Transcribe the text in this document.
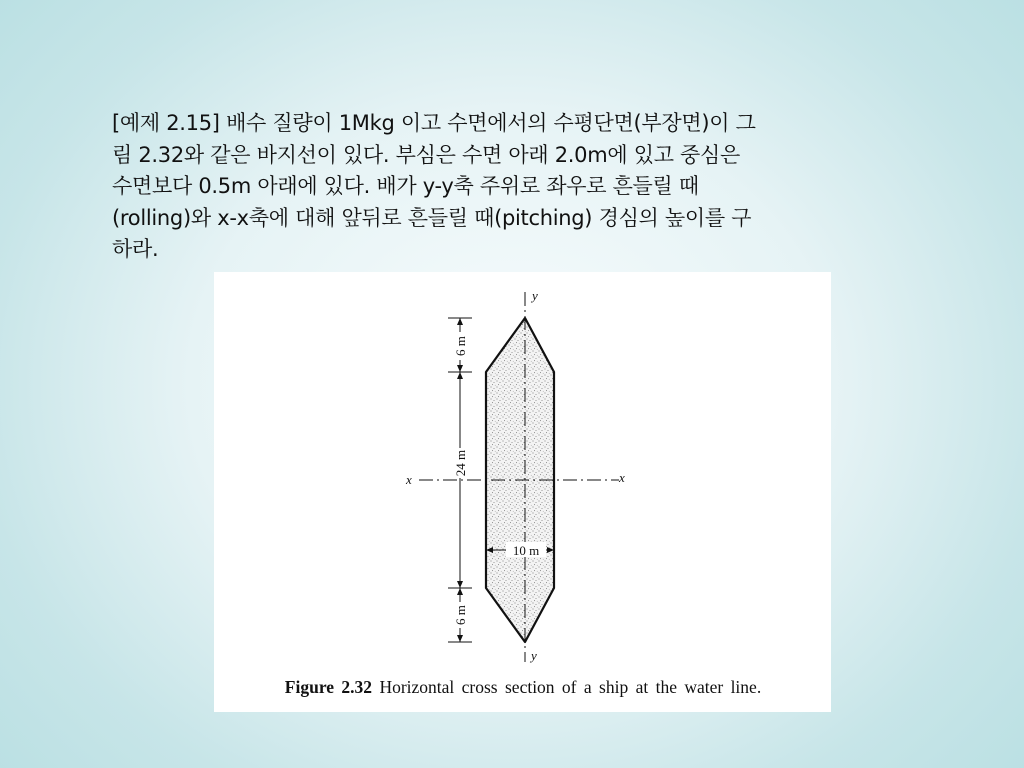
[예제 2.15] 배수 질량이 1Mkg 이고 수면에서의 수평단면(부장면)이 그
림 2.32와 같은 바지선이 있다. 부심은 수면 아래 2.0m에 있고 중심은
수면보다 0.5m 아래에 있다. 배가 y-y축 주위로 좌우로 흔들릴 때
(rolling)와 x-x축에 대해 앞뒤로 흔들릴 때(pitching) 경심의 높이를 구
하라.
y
y
x	x
6 m
24 m
6 m
10 m
Figure 2.32 Horizontal cross section of a ship at the water line.
